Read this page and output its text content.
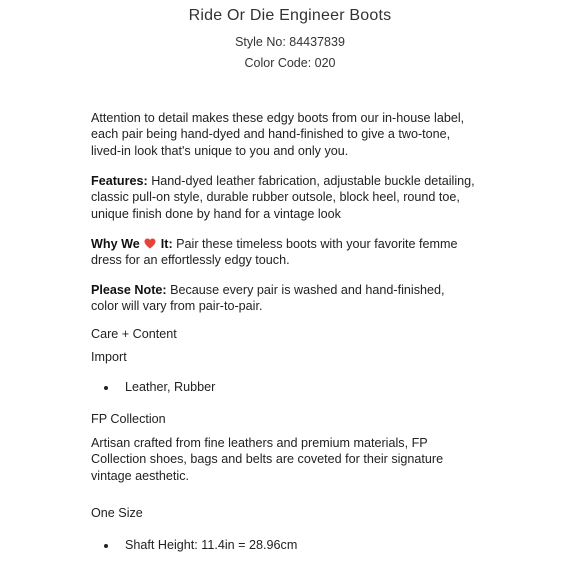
Ride Or Die Engineer Boots
Style No: 84437839
Color Code: 020
Attention to detail makes these edgy boots from our in-house label, each pair being hand-dyed and hand-finished to give a two-tone, lived-in look that's unique to you and only you.
Features: Hand-dyed leather fabrication, adjustable buckle detailing, classic pull-on style, durable rubber outsole, block heel, round toe, unique finish done by hand for a vintage look
Why We  It: Pair these timeless boots with your favorite femme dress for an effortlessly edgy touch.
Please Note: Because every pair is washed and hand-finished, color will vary from pair-to-pair.
Care + Content
Import
Leather, Rubber
FP Collection
Artisan crafted from fine leathers and premium materials, FP Collection shoes, bags and belts are coveted for their signature vintage aesthetic.
One Size
Shaft Height: 11.4in = 28.96cm
